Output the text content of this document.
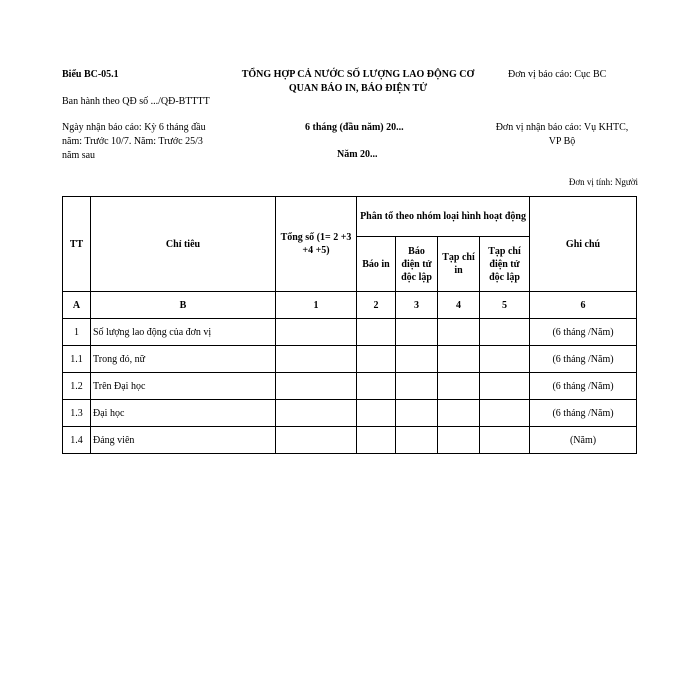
Biểu BC-05.1
Ban hành theo QĐ số .../QĐ-BTTTT
TỔNG HỢP CẢ NƯỚC SỐ LƯỢNG LAO ĐỘNG CƠ
QUAN BÁO IN, BÁO ĐIỆN TỬ
Đơn vị báo cáo: Cục BC
Ngày nhận báo cáo: Kỳ 6 tháng đầu
năm: Trước 10/7. Năm: Trước 25/3
năm sau
6 tháng (đầu năm) 20...
Năm 20...
Đơn vị nhận báo cáo: Vụ KHTC,
VP Bộ
Đơn vị tính: Người
TT	Chỉ tiêu	Tổng số (1= 2 +3 +4 +5)	Phân tổ theo nhóm loại hình hoạt động				Ghi chú
			Báo in	Báo điện tử độc lập	Tạp chí in	Tạp chí điện tử độc lập	
A	B	1	2	3	4	5	6
1	Số lượng lao động của đơn vị						(6 tháng /Năm)
1.1	Trong đó, nữ						(6 tháng /Năm)
1.2	Trên Đại học						(6 tháng /Năm)
1.3	Đại học						(6 tháng /Năm)
1.4	Đảng viên						(Năm)
